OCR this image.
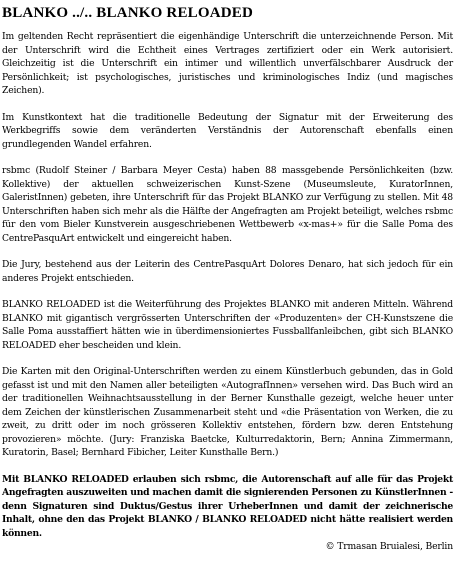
BLANKO ../.. BLANKO RELOADED

Im geltenden Recht repräsentiert die eigenhändige Unterschrift die unterzeichnende Person. Mit der Unterschrift wird die Echtheit eines Vertrages zertifiziert oder ein Werk autorisiert. Gleichzeitig ist die Unterschrift ein intimer und willentlich unverfälschbarer Ausdruck der Persönlichkeit; ist psychologisches, juristisches und kriminologisches Indiz (und magisches Zeichen).

Im Kunstkontext hat die traditionelle Bedeutung der Signatur mit der Erweiterung des Werkbegriffs sowie dem veränderten Verständnis der Autorenschaft ebenfalls einen grundlegenden Wandel erfahren.

rsbmc (Rudolf Steiner / Barbara Meyer Cesta) haben 88 massgebende Persönlichkeiten (bzw. Kollektive) der aktuellen schweizerischen Kunst-Szene (Museumsleute, KuratorInnen, GaleristInnen) gebeten, ihre Unterschrift für das Projekt BLANKO zur Verfügung zu stellen. Mit 48 Unterschriften haben sich mehr als die Hälfte der Angefragten am Projekt beteiligt, welches rsbmc für den vom Bieler Kunstverein ausgeschriebenen Wettbewerb «x-mas+» für die Salle Poma des CentrePasquArt entwickelt und eingereicht haben.

Die Jury, bestehend aus der Leiterin des CentrePasquArt Dolores Denaro, hat sich jedoch für ein anderes Projekt entschieden.

BLANKO RELOADED ist die Weiterführung des Projektes BLANKO mit anderen Mitteln. Während BLANKO mit gigantisch vergrösserten Unterschriften der «Produzenten» der CH-Kunstszene die Salle Poma ausstaffiert hätten wie in überdimensioniertes Fussballfanleibchen, gibt sich BLANKO RELOADED eher bescheiden und klein.

Die Karten mit den Original-Unterschriften werden zu einem Künstlerbuch gebunden, das in Gold gefasst ist und mit den Namen aller beteiligten «AutografInnen» versehen wird. Das Buch wird an der traditionellen Weihnachtsausstellung in der Berner Kunsthalle gezeigt, welche heuer unter dem Zeichen der künstlerischen Zusammenarbeit steht und «die Präsentation von Werken, die zu zweit, zu dritt oder im noch grösseren Kollektiv entstehen, fördern bzw. deren Entstehung provozieren» möchte. (Jury: Franziska Baetcke, Kulturredaktorin, Bern; Annina Zimmermann, Kuratorin, Basel; Bernhard Fibicher, Leiter Kunsthalle Bern.)

Mit BLANKO RELOADED erlauben sich rsbmc, die Autorenschaft auf alle für das Projekt Angefragten auszuweiten und machen damit die signierenden Personen zu KünstlerInnen - denn Signaturen sind Duktus/Gestus ihrer UrheberInnen und damit der zeichnerische Inhalt, ohne den das Projekt BLANKO / BLANKO RELOADED nicht hätte realisiert werden können.

© Trmasan Bruialesi, Berlin
